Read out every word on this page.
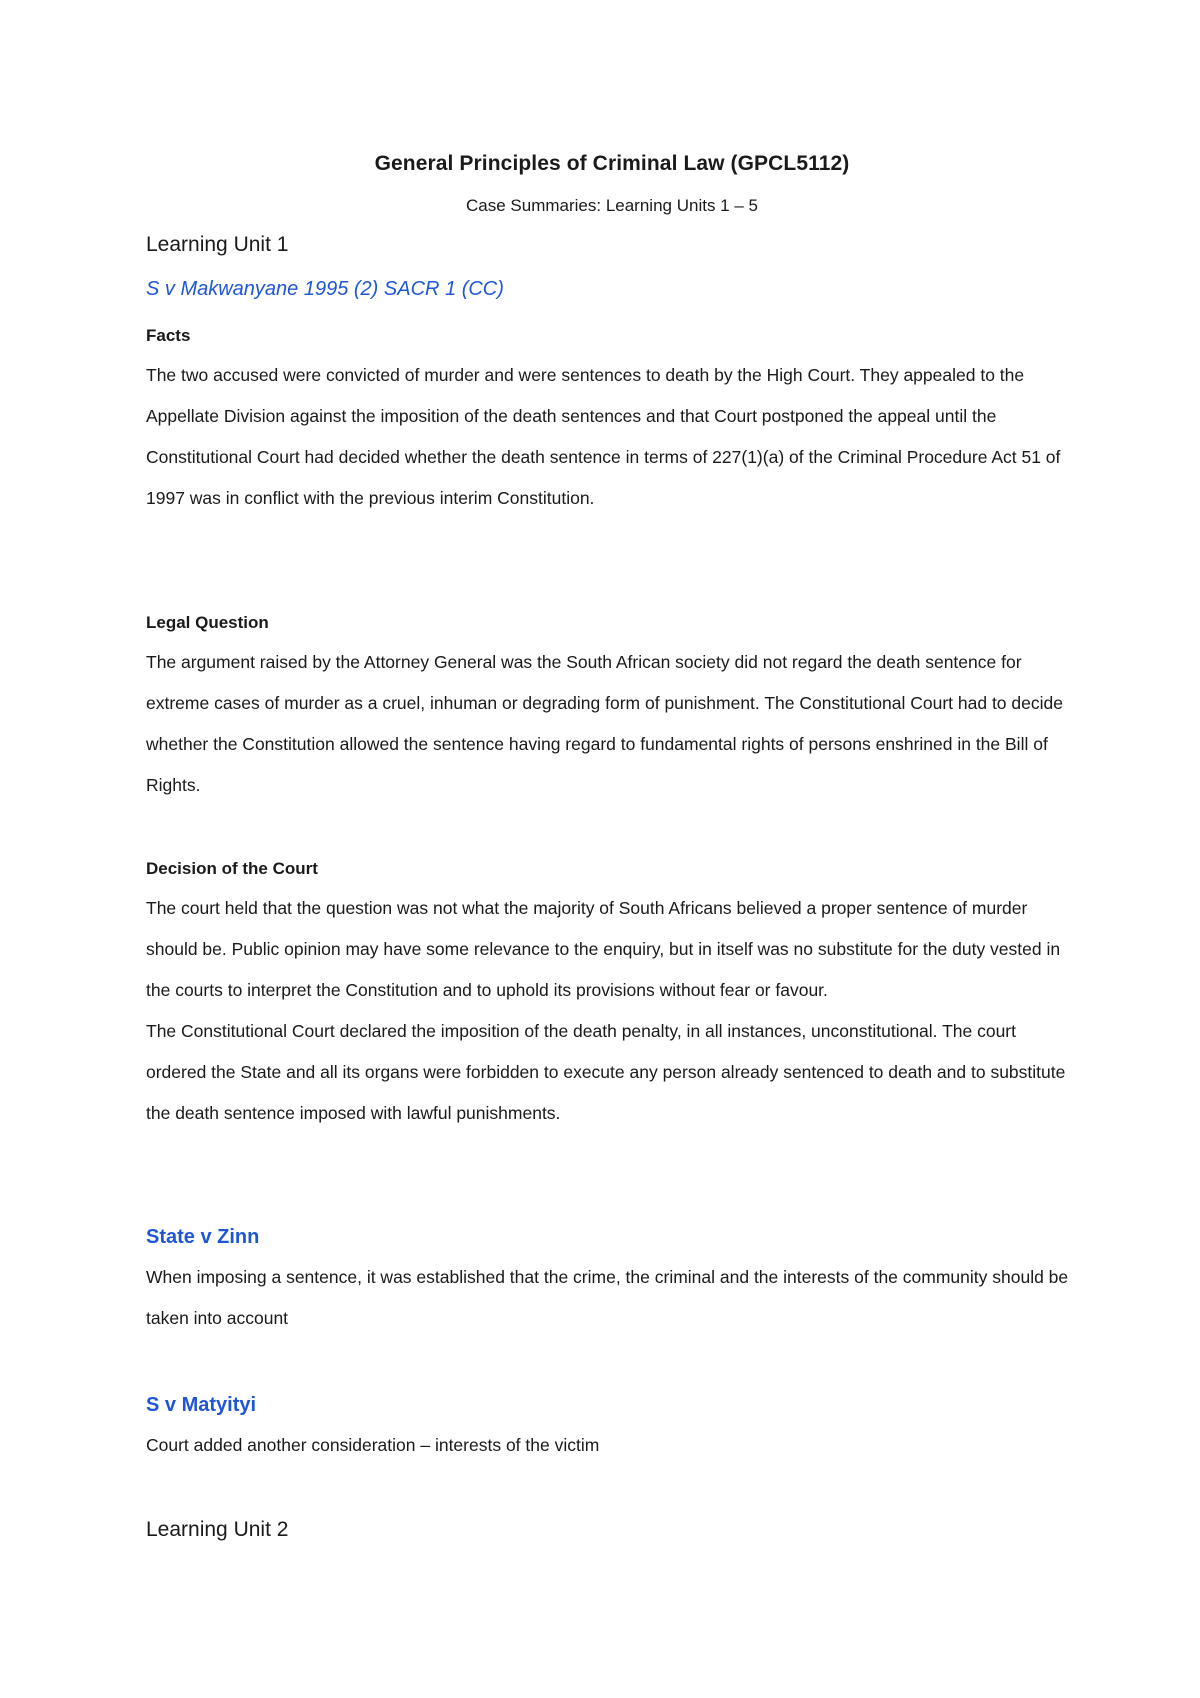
General Principles of Criminal Law (GPCL5112)

Case Summaries: Learning Units 1 – 5

Learning Unit 1

S v Makwanyane 1995 (2) SACR 1 (CC)

Facts

The two accused were convicted of murder and were sentences to death by the High Court. They appealed to the Appellate Division against the imposition of the death sentences and that Court postponed the appeal until the Constitutional Court had decided whether the death sentence in terms of 227(1)(a) of the Criminal Procedure Act 51 of 1997 was in conflict with the previous interim Constitution.

Legal Question

The argument raised by the Attorney General was the South African society did not regard the death sentence for extreme cases of murder as a cruel, inhuman or degrading form of punishment. The Constitutional Court had to decide whether the Constitution allowed the sentence having regard to fundamental rights of persons enshrined in the Bill of Rights.

Decision of the Court

The court held that the question was not what the majority of South Africans believed a proper sentence of murder should be. Public opinion may have some relevance to the enquiry, but in itself was no substitute for the duty vested in the courts to interpret the Constitution and to uphold its provisions without fear or favour.

The Constitutional Court declared the imposition of the death penalty, in all instances, unconstitutional. The court ordered the State and all its organs were forbidden to execute any person already sentenced to death and to substitute the death sentence imposed with lawful punishments.

State v Zinn

When imposing a sentence, it was established that the crime, the criminal and the interests of the community should be taken into account

S v Matyityi

Court added another consideration – interests of the victim

Learning Unit 2
